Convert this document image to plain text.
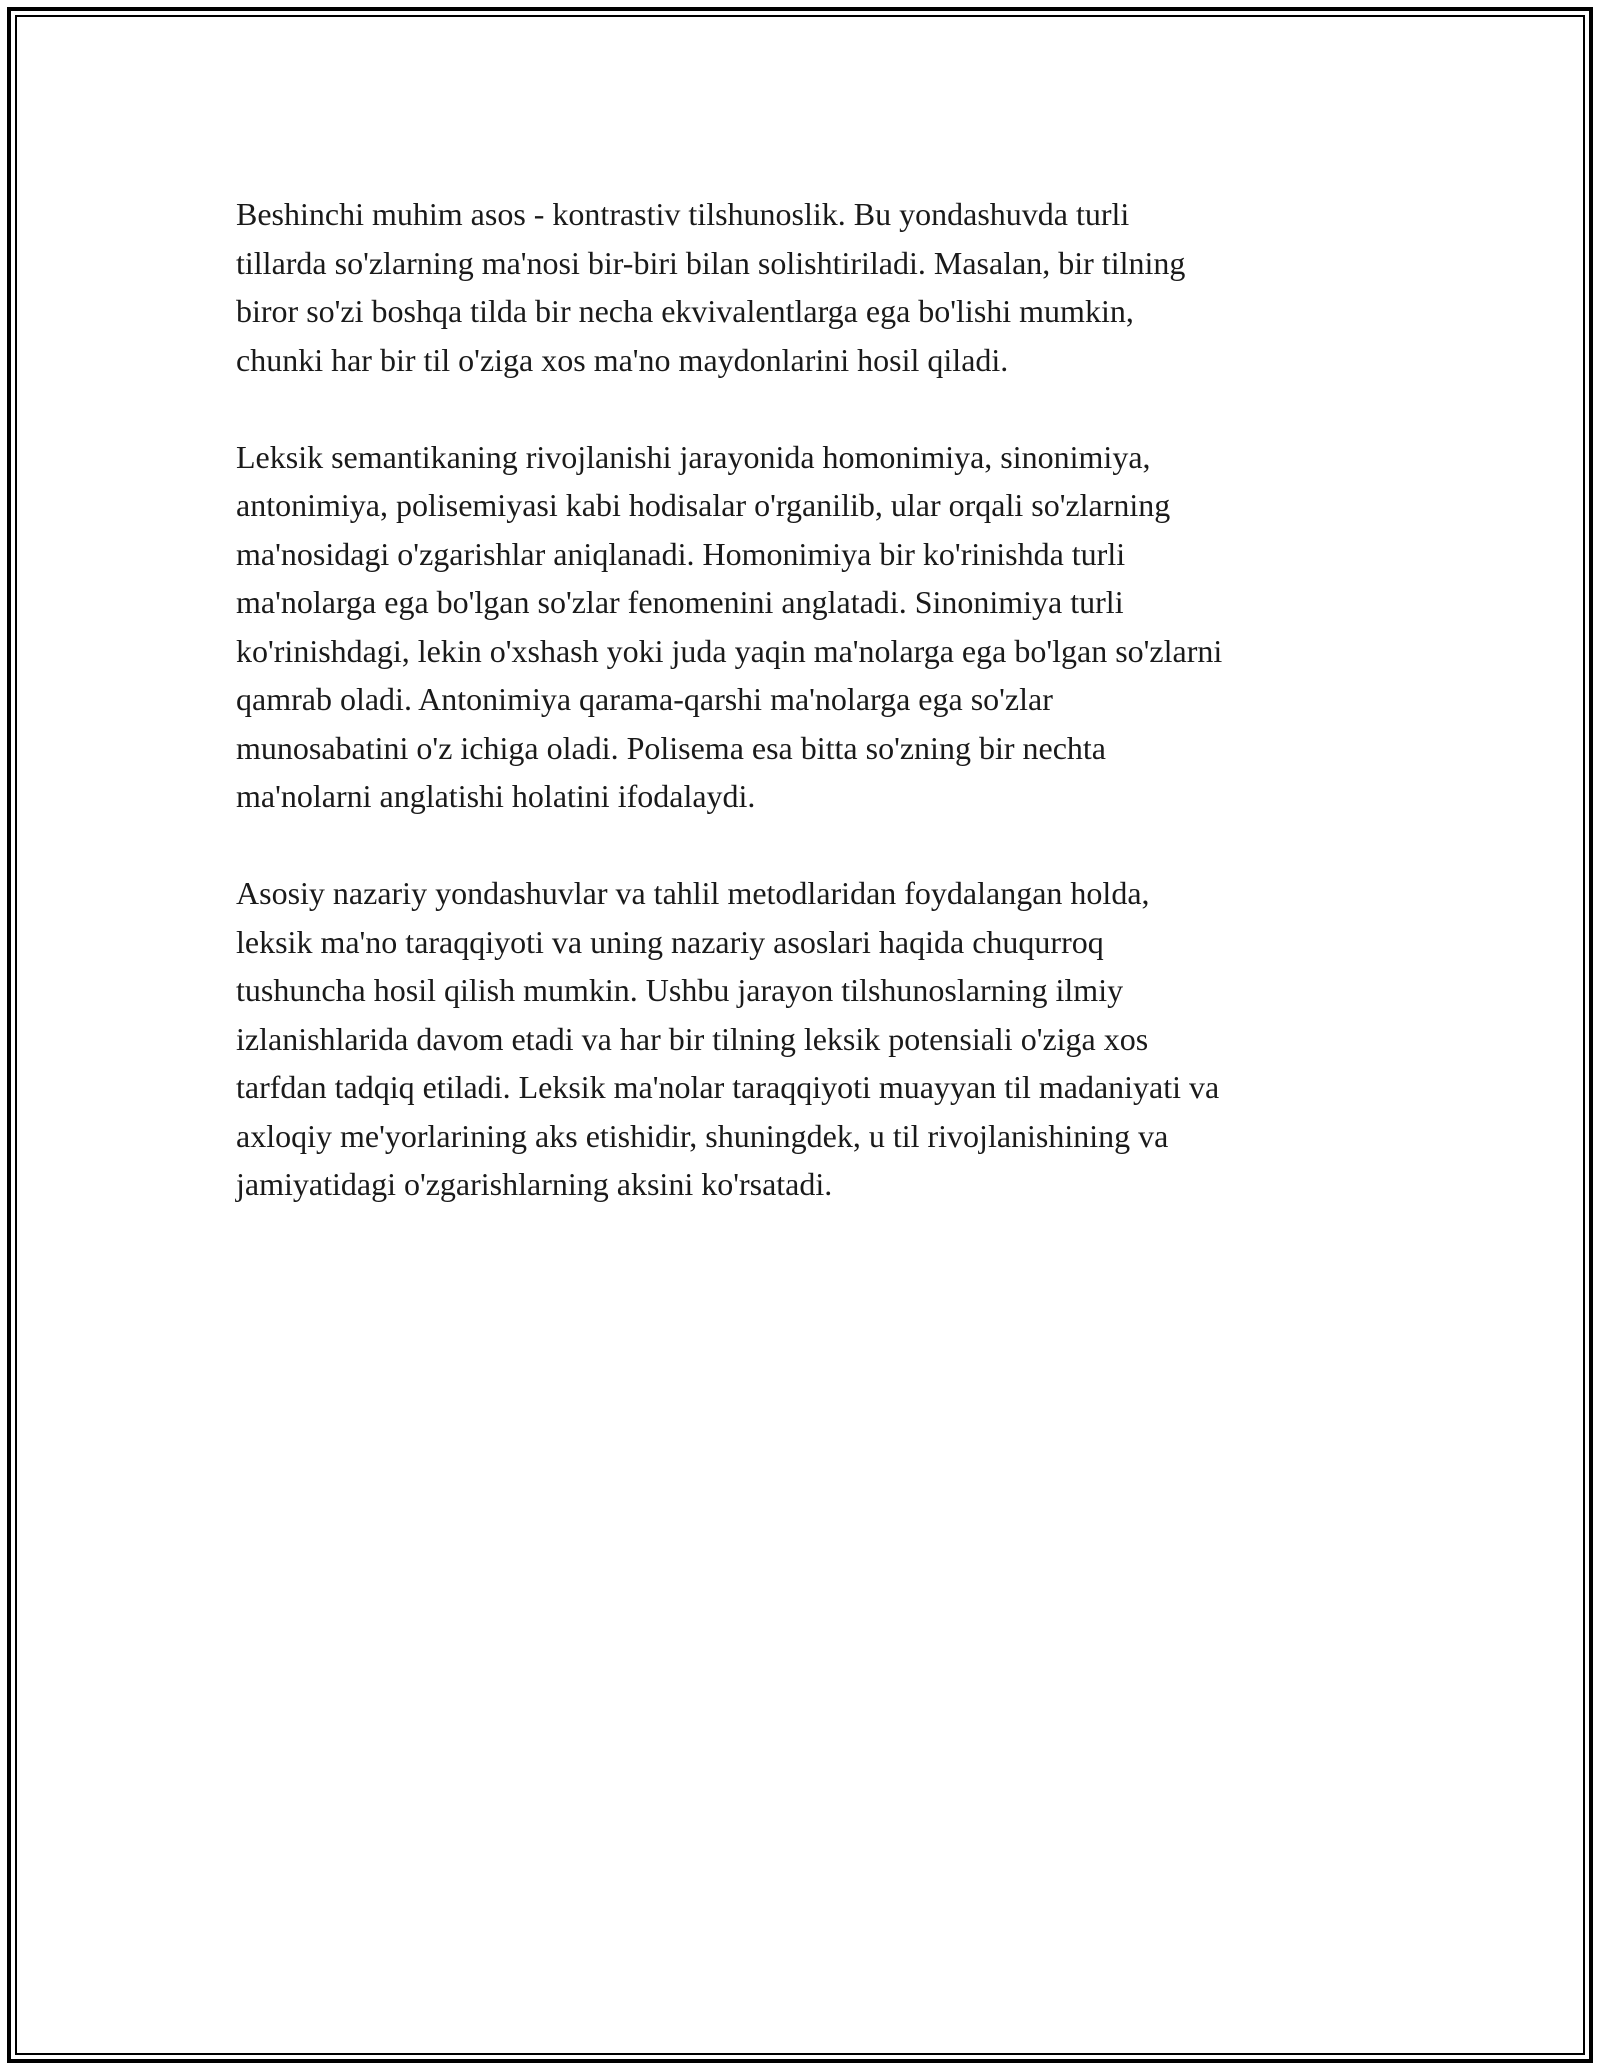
Beshinchi muhim asos - kontrastiv tilshunoslik. Bu yondashuvda turli
tillarda so'zlarning ma'nosi bir-biri bilan solishtiriladi. Masalan, bir tilning
biror so'zi boshqa tilda bir necha ekvivalentlarga ega bo'lishi mumkin,
chunki har bir til o'ziga xos ma'no maydonlarini hosil qiladi.

Leksik semantikaning rivojlanishi jarayonida homonimiya, sinonimiya,
antonimiya, polisemiyasi kabi hodisalar o'rganilib, ular orqali so'zlarning
ma'nosidagi o'zgarishlar aniqlanadi. Homonimiya bir ko'rinishda turli
ma'nolarga ega bo'lgan so'zlar fenomenini anglatadi. Sinonimiya turli
ko'rinishdagi, lekin o'xshash yoki juda yaqin ma'nolarga ega bo'lgan so'zlarni
qamrab oladi. Antonimiya qarama-qarshi ma'nolarga ega so'zlar
munosabatini o'z ichiga oladi. Polisema esa bitta so'zning bir nechta
ma'nolarni anglatishi holatini ifodalaydi.

Asosiy nazariy yondashuvlar va tahlil metodlaridan foydalangan holda,
leksik ma'no taraqqiyoti va uning nazariy asoslari haqida chuqurroq
tushuncha hosil qilish mumkin. Ushbu jarayon tilshunoslarning ilmiy
izlanishlarida davom etadi va har bir tilning leksik potensiali o'ziga xos
tarfdan tadqiq etiladi. Leksik ma'nolar taraqqiyoti muayyan til madaniyati va
axloqiy me'yorlarining aks etishidir, shuningdek, u til rivojlanishining va
jamiyatidagi o'zgarishlarning aksini ko'rsatadi.
